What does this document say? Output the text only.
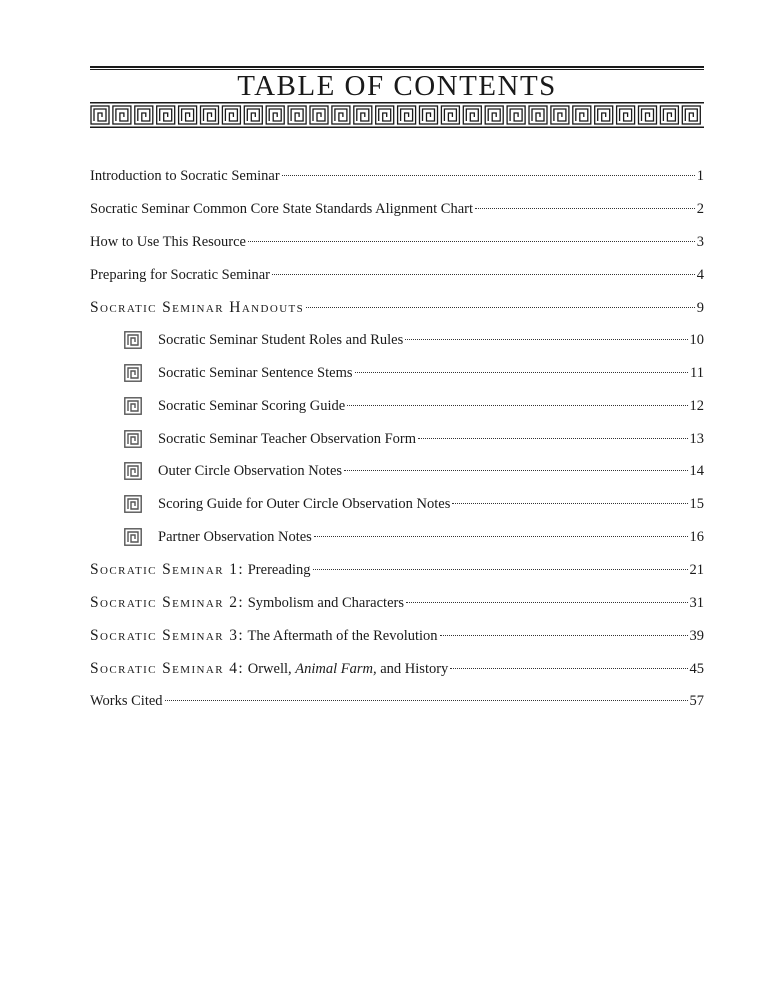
TABLE OF CONTENTS
Introduction to Socratic Seminar	1
Socratic Seminar Common Core State Standards Alignment Chart	2
How to Use This Resource	3
Preparing for Socratic Seminar	4
Socratic Seminar Handouts	9
Socratic Seminar Student Roles and Rules	10
Socratic Seminar Sentence Stems	11
Socratic Seminar Scoring Guide	12
Socratic Seminar Teacher Observation Form	13
Outer Circle Observation Notes	14
Scoring Guide for Outer Circle Observation Notes	15
Partner Observation Notes	16
Socratic Seminar 1: Prereading	21
Socratic Seminar 2: Symbolism and Characters	31
Socratic Seminar 3: The Aftermath of the Revolution	39
Socratic Seminar 4: Orwell, Animal Farm, and History	45
Works Cited	57
